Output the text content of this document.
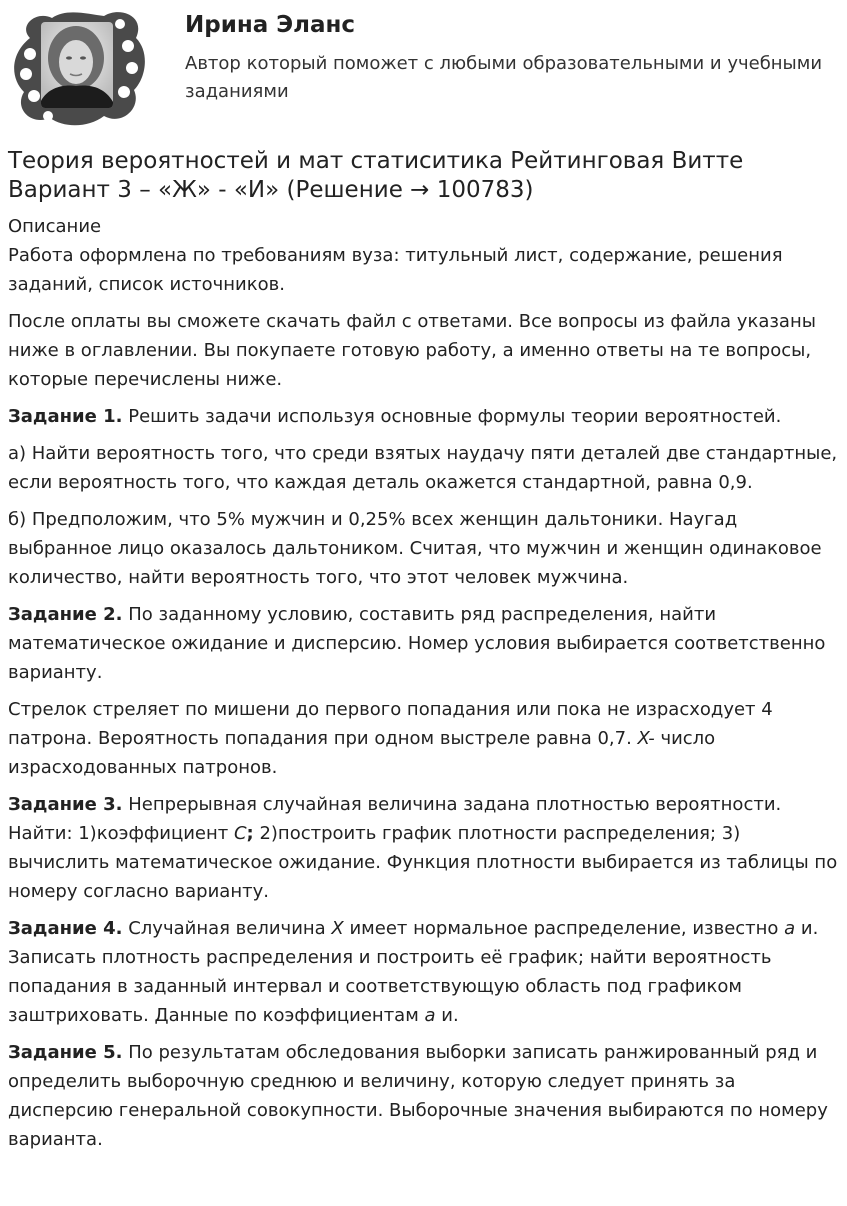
Ирина Эланс
Автор который поможет с любыми образовательными и учебными заданиями
Теория вероятностей и мат статиситика Рейтинговая Витте Вариант 3 – «Ж» - «И» (Решение → 100783)
Описание

Работа оформлена по требованиям вуза: титульный лист, содержание, решения заданий, список источников.

После оплаты вы сможете скачать файл с ответами. Все вопросы из файла указаны ниже в оглавлении. Вы покупаете готовую работу, а именно ответы на те вопросы, которые перечислены ниже.

Задание 1. Решить задачи используя основные формулы теории вероятностей.

а) Найти вероятность того, что среди взятых наудачу пяти деталей две стандартные, если вероятность того, что каждая деталь окажется стандартной, равна 0,9.

б) Предположим, что 5% мужчин и 0,25% всех женщин дальтоники. Наугад выбранное лицо оказалось дальтоником. Считая, что мужчин и женщин одинаковое количество, найти вероятность того, что этот человек мужчина.

Задание 2. По заданному условию, составить ряд распределения, найти математическое ожидание и дисперсию. Номер условия выбирается соответственно варианту.

Стрелок стреляет по мишени до первого попадания или пока не израсходует 4 патрона. Вероятность попадания при одном выстреле равна 0,7. X- число израсходованных патронов.

Задание 3. Непрерывная случайная величина задана плотностью вероятности. Найти: 1)коэффициент C; 2)построить график плотности распределения; 3) вычислить математическое ожидание. Функция плотности выбирается из таблицы по номеру согласно варианту.

Задание 4. Случайная величина X имеет нормальное распределение, известно a и. Записать плотность распределения и построить её график; найти вероятность попадания в заданный интервал и соответствующую область под графиком заштриховать. Данные по коэффициентам a и.

Задание 5. По результатам обследования выборки записать ранжированный ряд и определить выборочную среднюю и величину, которую следует принять за дисперсию генеральной совокупности. Выборочные значения выбираются по номеру варианта.
